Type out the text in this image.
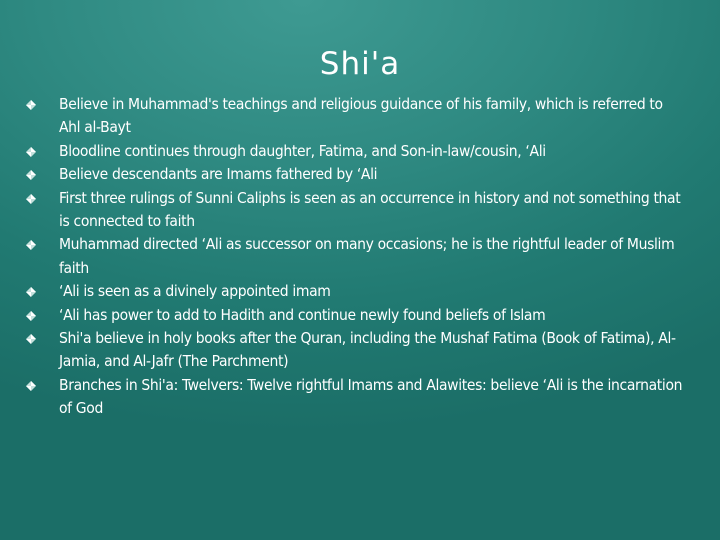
Shi'a
Believe in Muhammad's teachings and religious guidance of his family, which is referred to Ahl al-Bayt
Bloodline continues through daughter, Fatima, and Son-in-law/cousin, ‘Ali
Believe descendants are Imams fathered by ‘Ali
First three rulings of Sunni Caliphs is seen as an occurrence in history and not something that is connected to faith
Muhammad directed ‘Ali as successor on many occasions; he is the rightful leader of Muslim faith
‘Ali is seen as a divinely appointed imam
‘Ali has power to add to Hadith and continue newly found beliefs of Islam
Shi'a believe in holy books after the Quran, including the Mushaf Fatima (Book of Fatima), Al-Jamia, and Al-Jafr (The Parchment)
Branches in Shi'a: Twelvers: Twelve rightful Imams and Alawites: believe ‘Ali is the incarnation of God
